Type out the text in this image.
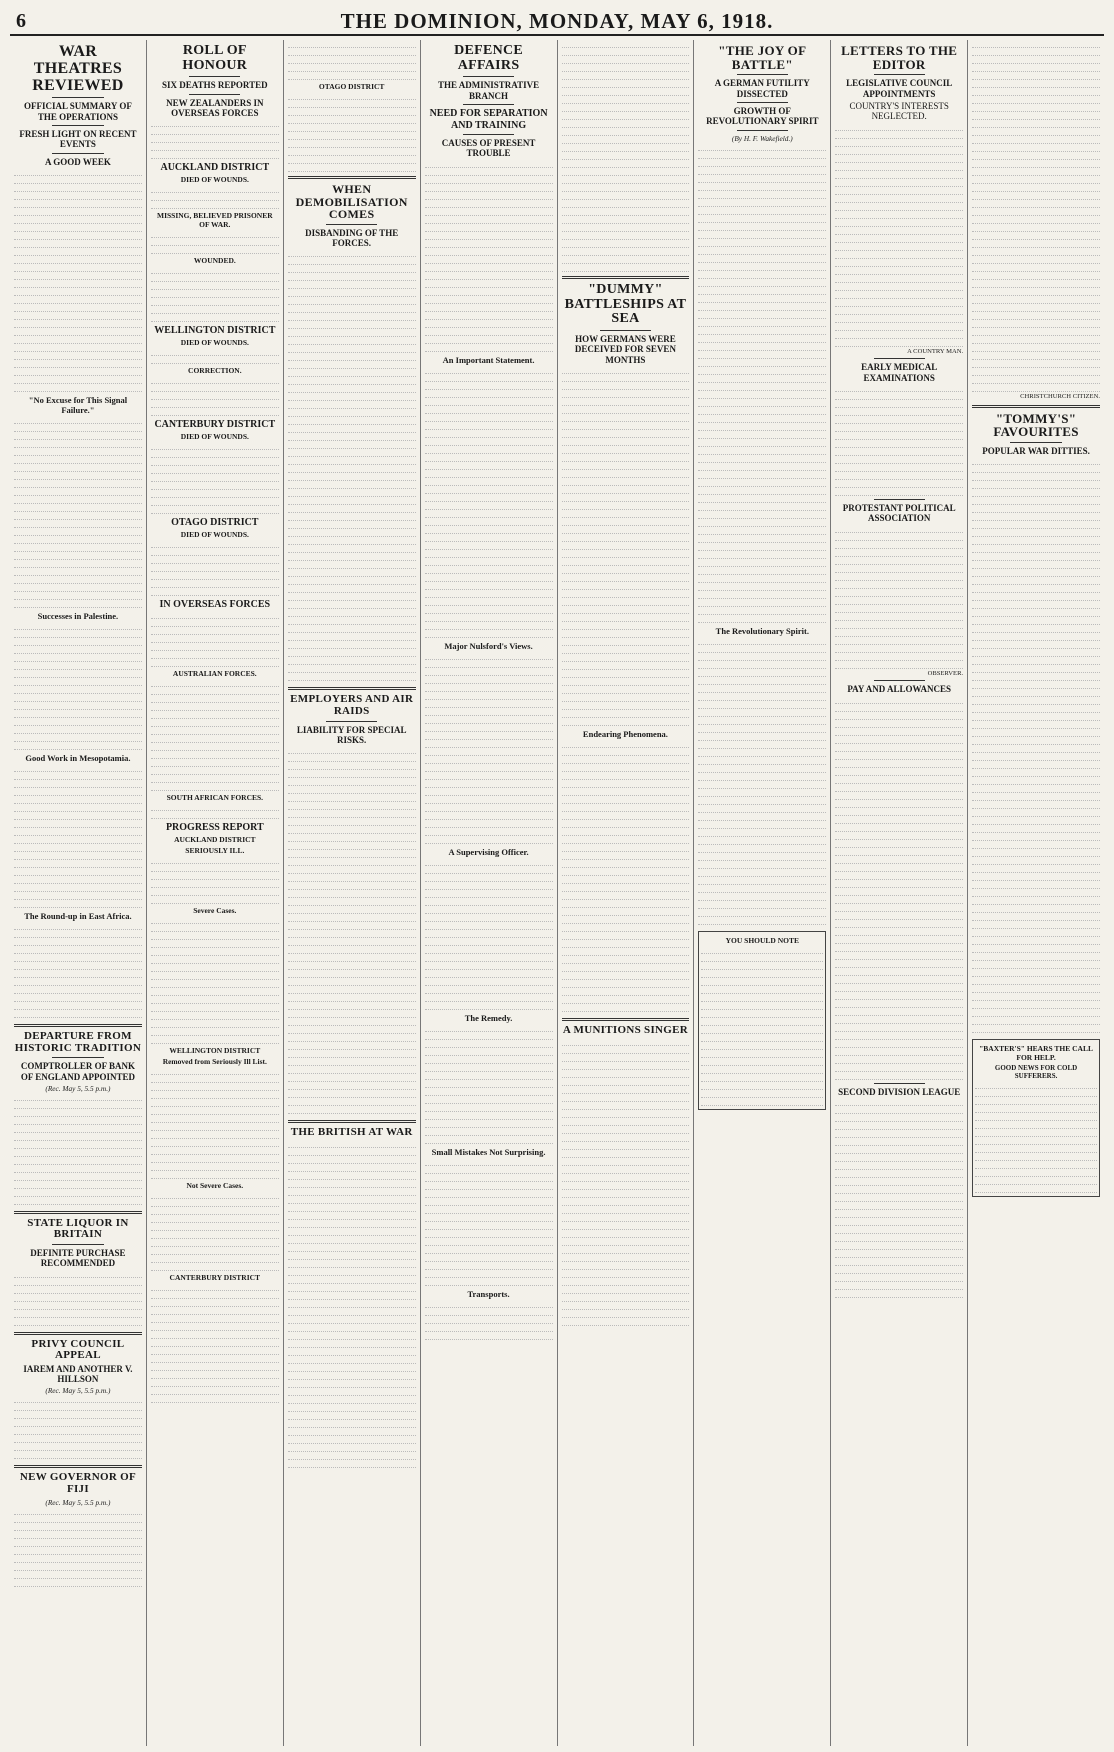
6	THE DOMINION, MONDAY, MAY 6, 1918.
WAR THEATRES REVIEWED
OFFICIAL SUMMARY OF THE OPERATIONS
FRESH LIGHT ON RECENT EVENTS
A GOOD WEEK
"No Excuse for This Signal Failure."
Successes in Palestine.
Good Work in Mesopotamia.
The Round-up in East Africa.
DEPARTURE FROM HISTORIC TRADITION
COMPTROLLER OF BANK OF ENGLAND APPOINTED

(Rec. May 5, 5.5 p.m.)

STATE LIQUOR IN BRITAIN
DEFINITE PURCHASE RECOMMENDED
PRIVY COUNCIL APPEAL
IAREM AND ANOTHER V. HILLSON

(Rec. May 5, 5.5 p.m.)

NEW GOVERNOR OF FIJI

(Rec. May 5, 5.5 p.m.)

ROLL OF HONOUR
SIX DEATHS REPORTED
NEW ZEALANDERS IN OVERSEAS FORCES
AUCKLAND DISTRICT

DIED OF WOUNDS.

MISSING, BELIEVED PRISONER OF WAR.

WOUNDED.

WELLINGTON DISTRICT

DIED OF WOUNDS.

CORRECTION.

CANTERBURY DISTRICT

DIED OF WOUNDS.

OTAGO DISTRICT

DIED OF WOUNDS.

IN OVERSEAS FORCES

AUSTRALIAN FORCES.

SOUTH AFRICAN FORCES.

PROGRESS REPORT

AUCKLAND DISTRICT

SERIOUSLY ILL.

Severe Cases.

WELLINGTON DISTRICT

Removed from Seriously Ill List.

Not Severe Cases.

CANTERBURY DISTRICT

OTAGO DISTRICT

WHEN DEMOBILISATION COMES
DISBANDING OF THE FORCES.
EMPLOYERS AND AIR RAIDS
LIABILITY FOR SPECIAL RISKS.
THE BRITISH AT WAR
DEFENCE AFFAIRS
THE ADMINISTRATIVE BRANCH
NEED FOR SEPARATION AND TRAINING
CAUSES OF PRESENT TROUBLE
An Important Statement.
Major Nulsford's Views.
A Supervising Officer.
The Remedy.
Small Mistakes Not Surprising.
Transports.
"DUMMY" BATTLESHIPS AT SEA
HOW GERMANS WERE DECEIVED FOR SEVEN MONTHS
Endearing Phenomena.
A MUNITIONS SINGER
"THE JOY OF BATTLE"
A GERMAN FUTILITY DISSECTED
GROWTH OF REVOLUTIONARY SPIRIT

(By H. F. Wakefield.)

The Revolutionary Spirit.

YOU SHOULD NOTE

LETTERS TO THE EDITOR
LEGISLATIVE COUNCIL APPOINTMENTS
COUNTRY'S INTERESTS NEGLECTED.

A COUNTRY MAN.

EARLY MEDICAL EXAMINATIONS
PROTESTANT POLITICAL ASSOCIATION

OBSERVER.

PAY AND ALLOWANCES
SECOND DIVISION LEAGUE

CHRISTCHURCH CITIZEN.

"TOMMY'S" FAVOURITES
POPULAR WAR DITTIES.

"BAXTER'S" HEARS THE CALL FOR HELP.

GOOD NEWS FOR COLD SUFFERERS.
